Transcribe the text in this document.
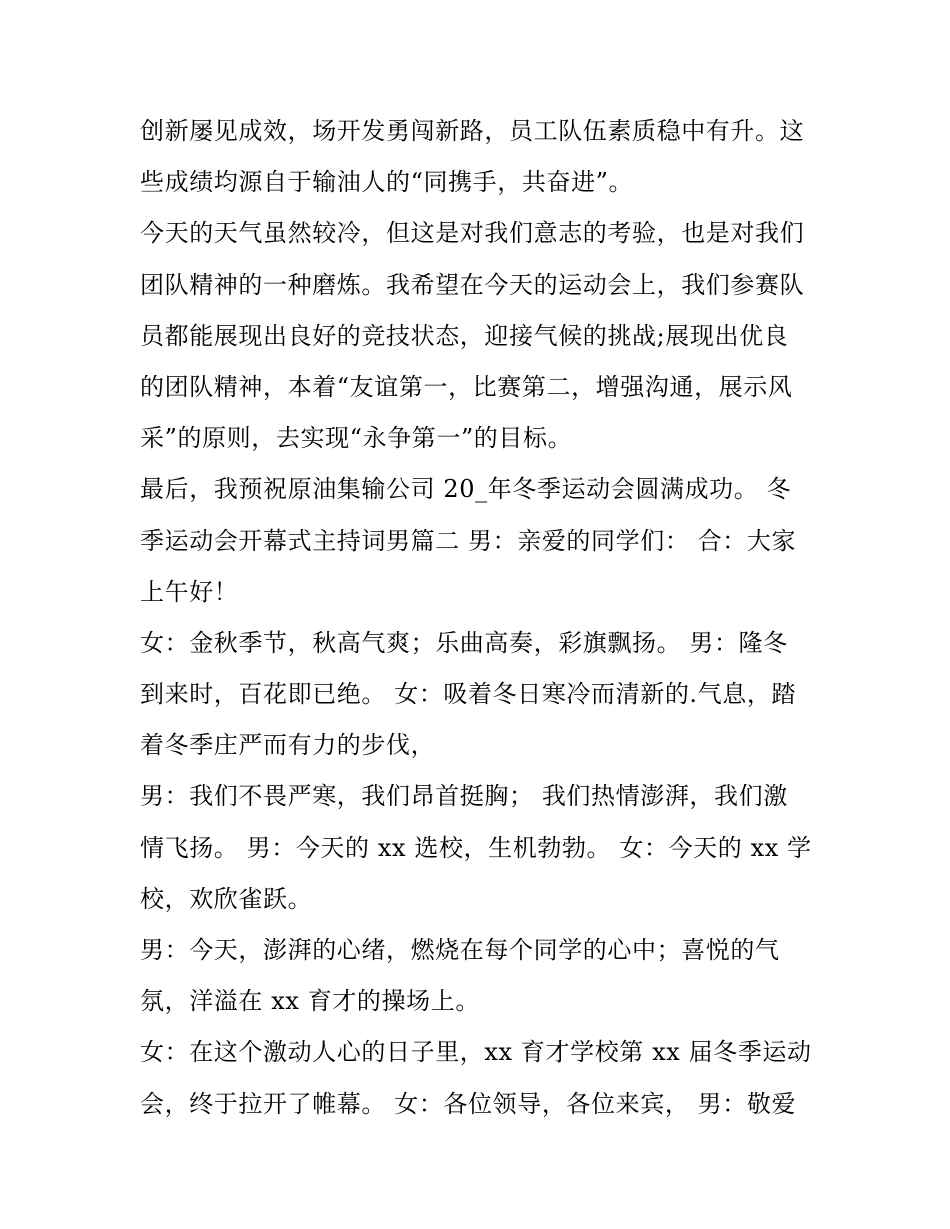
创新屡见成效，场开发勇闯新路，员工队伍素质稳中有升。这
些成绩均源自于输油人的“同携手，共奋进”。
今天的天气虽然较冷，但这是对我们意志的考验，也是对我们
团队精神的一种磨炼。我希望在今天的运动会上，我们参赛队
员都能展现出良好的竞技状态，迎接气候的挑战;展现出优良
的团队精神，本着“友谊第一，比赛第二，增强沟通，展示风
采”的原则，去实现“永争第一”的目标。
最后，我预祝原油集输公司 20_年冬季运动会圆满成功。 冬
季运动会开幕式主持词男篇二 男：亲爱的同学们： 合：大家
上午好！
女：金秋季节，秋高气爽；乐曲高奏，彩旗飘扬。 男：隆冬
到来时，百花即已绝。 女：吸着冬日寒冷而清新的.气息，踏
着冬季庄严而有力的步伐，
男：我们不畏严寒，我们昂首挺胸； 我们热情澎湃，我们激
情飞扬。 男：今天的 xx 选校，生机勃勃。 女：今天的 xx 学
校，欢欣雀跃。
男：今天，澎湃的心绪，燃烧在每个同学的心中；喜悦的气
氛，洋溢在 xx 育才的操场上。
女：在这个激动人心的日子里，xx 育才学校第 xx 届冬季运动
会，终于拉开了帷幕。 女：各位领导，各位来宾， 男：敬爱
